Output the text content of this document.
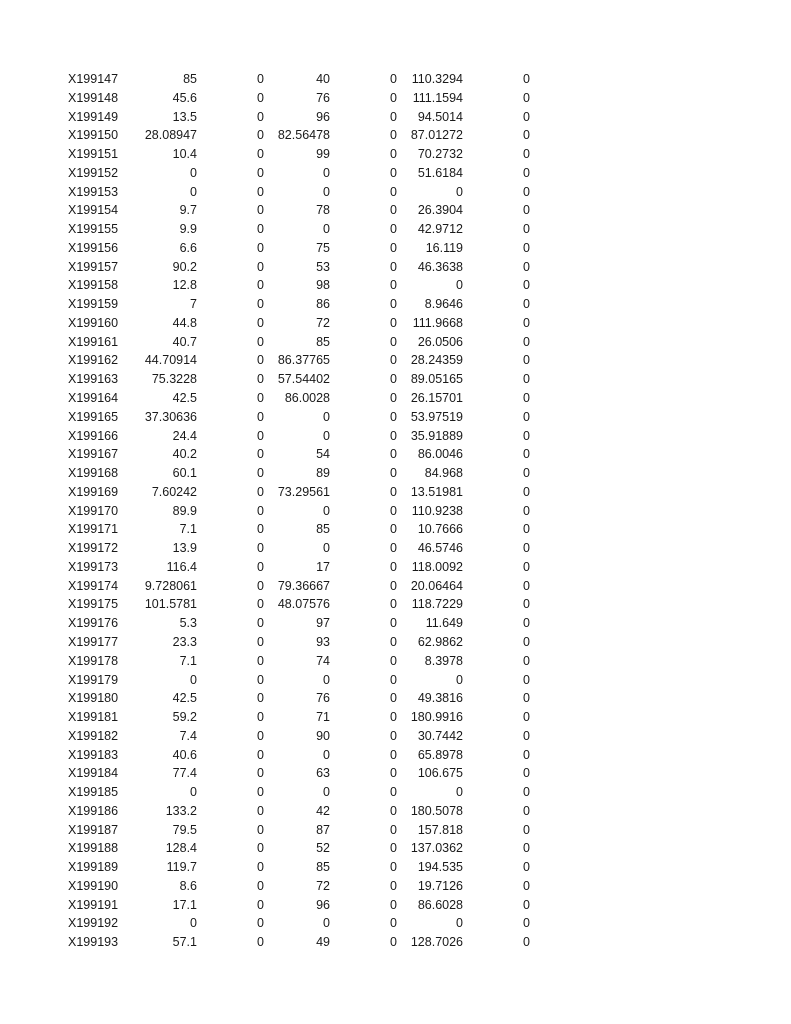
X199147	85	0	40	0 110.3294	0
X199148	45.6	0	76	0 111.1594	0
X199149	13.5	0	96	0 94.5014	0
X199150 28.08947	0 82.56478	0 87.01272	0
X199151	10.4	0	99	0 70.2732	0
X199152	0	0	0	0 51.6184	0
X199153	0	0	0	0	0	0
X199154	9.7	0	78	0 26.3904	0
X199155	9.9	0	0	0 42.9712	0
X199156	6.6	0	75	0 16.119	0
X199157	90.2	0	53	0 46.3638	0
X199158	12.8	0	98	0	0	0
X199159	7	0	86	0 8.9646	0
X199160	44.8	0	72	0 111.9668	0
X199161	40.7	0	85	0 26.0506	0
X199162 44.70914	0 86.37765	0 28.24359	0
X199163	75.3228	0 57.54402	0 89.05165	0
X199164	42.5	0 86.0028	0 26.15701	0
X199165 37.30636	0	0	0 53.97519	0
X199166	24.4	0	0	0 35.91889	0
X199167	40.2	0	54	0 86.0046	0
X199168	60.1	0	89	0 84.968	0
X199169	7.60242	0 73.29561	0 13.51981	0
X199170	89.9	0	0	0 110.9238	0
X199171	7.1	0	85	0 10.7666	0
X199172	13.9	0	0	0 46.5746	0
X199173	116.4	0	17	0 118.0092	0
X199174 9.728061	0 79.36667	0 20.06464	0
X199175 101.5781	0 48.07576	0 118.7229	0
X199176	5.3	0	97	0 11.649	0
X199177	23.3	0	93	0 62.9862	0
X199178	7.1	0	74	0 8.3978	0
X199179	0	0	0	0	0	0
X199180	42.5	0	76	0 49.3816	0
X199181	59.2	0	71	0 180.9916	0
X199182	7.4	0	90	0 30.7442	0
X199183	40.6	0	0	0 65.8978	0
X199184	77.4	0	63	0 106.675	0
X199185	0	0	0	0	0	0
X199186	133.2	0	42	0 180.5078	0
X199187	79.5	0	87	0 157.818	0
X199188	128.4	0	52	0 137.0362	0
X199189	119.7	0	85	0 194.535	0
X199190	8.6	0	72	0 19.7126	0
X199191	17.1	0	96	0 86.6028	0
X199192	0	0	0	0	0	0
X199193	57.1	0	49	0 128.7026	0
